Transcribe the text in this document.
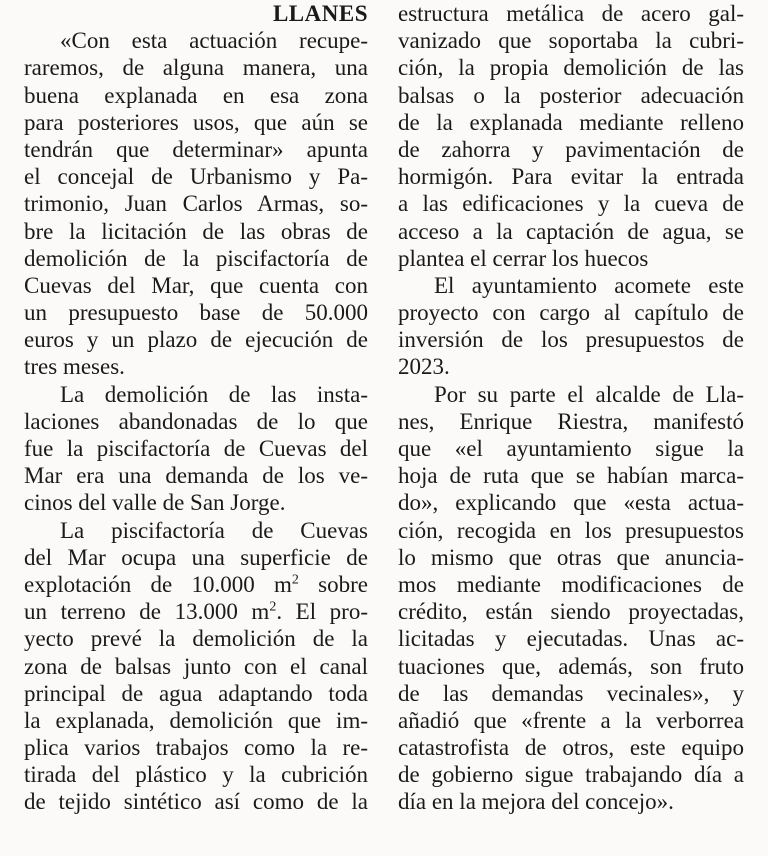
LLANES
«Con esta actuación recupe-
raremos, de alguna manera, una
buena explanada en esa zona
para posteriores usos, que aún se
tendrán que determinar» apunta
el concejal de Urbanismo y Pa-
trimonio, Juan Carlos Armas, so-
bre la licitación de las obras de
demolición de la piscifactoría de
Cuevas del Mar, que cuenta con
un presupuesto base de 50.000
euros y un plazo de ejecución de
tres meses.
La demolición de las insta-
laciones abandonadas de lo que
fue la piscifactoría de Cuevas del
Mar era una demanda de los ve-
cinos del valle de San Jorge.
La piscifactoría de Cuevas
del Mar ocupa una superficie de
explotación de 10.000 $m^2$ sobre
un terreno de 13.000 $m^2$. El pro-
yecto prevé la demolición de la
zona de balsas junto con el canal
principal de agua adaptando toda
la explanada, demolición que im-
plica varios trabajos como la re-
tirada del plástico y la cubrición
de tejido sintético así como de la
estructura metálica de acero gal-
vanizado que soportaba la cubri-
ción, la propia demolición de las
balsas o la posterior adecuación
de la explanada mediante relleno
de zahorra y pavimentación de
hormigón. Para evitar la entrada
a las edificaciones y la cueva de
acceso a la captación de agua, se
plantea el cerrar los huecos
El ayuntamiento acomete este
proyecto con cargo al capítulo de
inversión de los presupuestos de
2023.
Por su parte el alcalde de Lla-
nes, Enrique Riestra, manifestó
que «el ayuntamiento sigue la
hoja de ruta que se habían marca-
do», explicando que «esta actua-
ción, recogida en los presupuestos
lo mismo que otras que anuncia-
mos mediante modificaciones de
crédito, están siendo proyectadas,
licitadas y ejecutadas. Unas ac-
tuaciones que, además, son fruto
de las demandas vecinales», y
añadió que «frente a la verborrea
catastrofista de otros, este equipo
de gobierno sigue trabajando día a
día en la mejora del concejo».
